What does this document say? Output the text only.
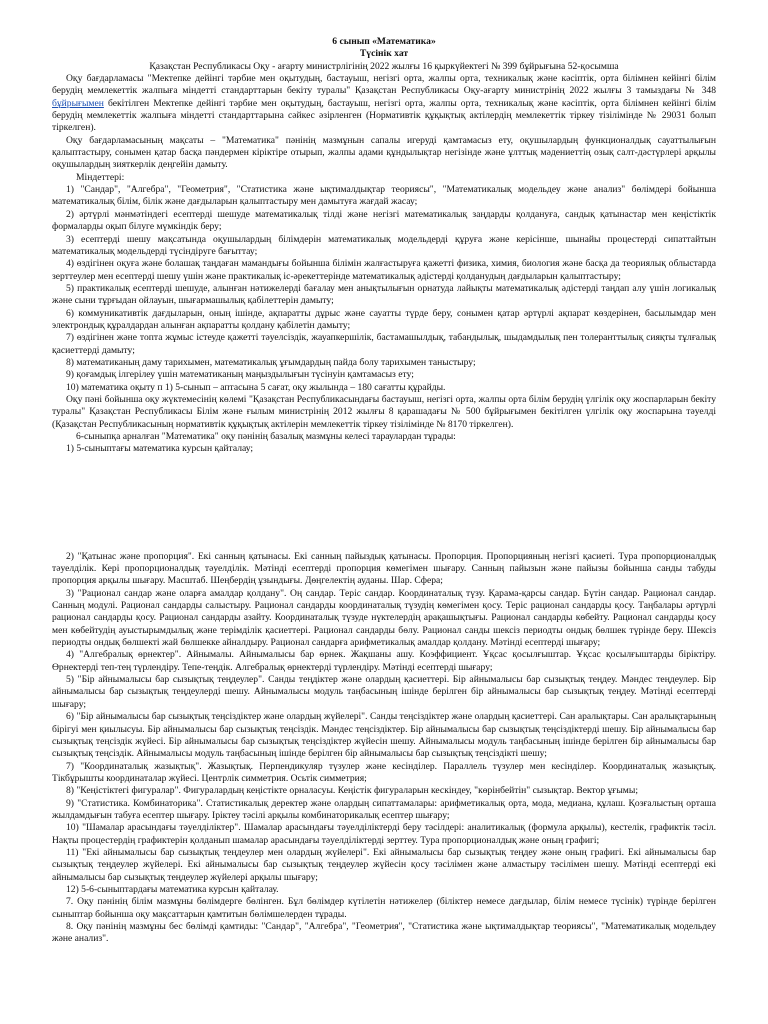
6 сынып «Математика»

Түсінік хат

Қазақстан Республикасы Оқу - ағарту министрлігінің 2022 жылғы 16 қыркүйектегі № 399 бұйрығына 52-қосымша

Оқу бағдарламасы "Мектепке дейінгі тәрбие мен оқытудың, бастауыш, негізгі орта, жалпы орта, техникалық және кәсіптік, орта білімнен кейінгі білім берудің мемлекеттік жалпыға міндетті стандарттарын бекіту туралы" Қазақстан Республикасы Оқу-ағарту министрінің 2022 жылғы 3 тамыздағы № 348 бұйрығымен бекітілген Мектепке дейінгі тәрбие мен оқытудың, бастауыш, негізгі орта, жалпы орта, техникалық және кәсіптік, орта білімнен кейінгі білім берудің мемлекеттік жалпыға міндетті стандарттарына сәйкес әзірленген (Нормативтік құқықтық актілердің мемлекеттік тіркеу тізілімінде № 29031 болып тіркелген).

Оқу бағдарламасының мақсаты – "Математика" пәнінің мазмұнын сапалы игеруді қамтамасыз ету, оқушылардың функционалдық сауаттылығын қалыптастыру, сонымен қатар басқа пәндермен кіріктіре отырып, жалпы адами құндылықтар негізінде және ұлттық мәдениеттің озық салт-дәстүрлері арқылы оқушылардың зияткерлік деңгейін дамыту.

Міндеттері:

1) "Сандар", "Алгебра", "Геометрия", "Статистика және ықтималдықтар теориясы", "Математикалық модельдеу және анализ" бөлімдері бойынша математикалық білім, білік және дағдыларын қалыптастыру мен дамытуға жағдай жасау;

2) әртүрлі мәнмәтіндегі есептерді шешуде математикалық тілді және негізгі математикалық заңдарды қолдануға, сандық қатынастар мен кеңістіктік формаларды оқып білуге мүмкіндік беру;

3) есептерді шешу мақсатында оқушылардың білімдерін математикалық модельдерді құруға және керісінше, шынайы процестерді сипаттайтын математикалық модельдерді түсіндіруге бағыттау;

4) өздігінен оқуға және болашақ таңдаған мамандығы бойынша білімін жалғастыруға қажетті физика, химия, биология және басқа да теориялық облыстарда зерттеулер мен есептерді шешу үшін және практикалық іс-әрекеттерінде математикалық әдістерді қолданудың дағдыларын қалыптастыру;

5) практикалық есептерді шешуде, алынған нәтижелерді бағалау мен анықтылығын орнатуда лайықты математикалық әдістерді таңдап алу үшін логикалық және сыни тұрғыдан ойлауын, шығармашылық қабілеттерін дамыту;

6) коммуникативтік дағдыларын, оның ішінде, ақпаратты дұрыс және сауатты түрде беру, сонымен қатар әртүрлі ақпарат көздерінен, басылымдар мен электрондық құралдардан алынған ақпаратты қолдану қабілетін дамыту;

7) өздігінен және топта жұмыс істеуде қажетті тәуелсіздік, жауапкершілік, бастамашылдық, табандылық, шыдамдылық пен толеранттылық сияқты тұлғалық қасиеттерді дамыту;

8) математиканың даму тарихымен, математикалық ұғымдардың пайда болу тарихымен таныстыру;

9) қоғамдық ілгерілеу үшін математиканың маңыздылығын түсінуін қамтамасыз ету;

10) математика оқыту п 1) 5-сынып – аптасына 5 сағат, оқу жылында – 180 сағатты құрайды.

Оқу пәні бойынша оқу жүктемесінің көлемі "Қазақстан Республикасындағы бастауыш, негізгі орта, жалпы орта білім берудің үлгілік оқу жоспарларын бекіту туралы" Қазақстан Республикасы Білім және ғылым министрінің 2012 жылғы 8 қарашадағы № 500 бұйрығымен бекітілген үлгілік оқу жоспарына тәуелді (Қазақстан Республикасының нормативтік құқықтық актілерін мемлекеттік тіркеу тізілімінде № 8170 тіркелген).

6-сыныпқа арналған "Математика" оқу пәнінің базалық мазмұны келесі тараулардан тұрады:

1) 5-сыныптағы математика курсын қайталау;

2) "Қатынас және пропорция". Екі санның қатынасы. Екі санның пайыздық қатынасы. Пропорция. Пропорцияның негізгі қасиеті. Тура пропорционалдық тәуелділік. Кері пропорционалдық тәуелділік. Мәтінді есептерді пропорция көмегімен шығару. Санның пайызын және пайызы бойынша санды табуды пропорция арқылы шығару. Масштаб. Шеңбердің ұзындығы. Дөңгелектің ауданы. Шар. Сфера;

3) "Рационал сандар және оларға амалдар қолдану". Оң сандар. Теріс сандар. Координаталық түзу. Қарама-қарсы сандар. Бүтін сандар. Рационал сандар. Санның модулі. Рационал сандарды салыстыру. Рационал сандарды координаталық түзудің көмегімен қосу. Теріс рационал сандарды қосу. Таңбалары әртүрлі рационал сандарды қосу. Рационал сандарды азайту. Координаталық түзуде нүктелердің арақашықтығы. Рационал сандарды көбейту. Рационал сандарды қосу мен көбейтудің ауыстырымдылық және терімділік қасиеттері. Рационал сандарды бөлу. Рационал санды шексіз периодты ондық бөлшек түрінде беру. Шексіз периодты ондық бөлшекті жай бөлшекке айналдыру. Рационал сандарға арифметикалық амалдар қолдану. Мәтінді есептерді шығару;

4) "Алгебралық өрнектер". Айнымалы. Айнымалысы бар өрнек. Жақшаны ашу. Коэффициент. Ұқсас қосылғыштар. Ұқсас қосылғыштарды біріктіру. Өрнектерді теп-тең түрлендіру. Тепе-теңдік. Алгебралық өрнектерді түрлендіру. Мәтінді есептерді шығару;

5) "Бір айнымалысы бар сызықтық теңдеулер". Санды теңдіктер және олардың қасиеттері. Бір айнымалысы бар сызықтық теңдеу. Мәндес теңдеулер. Бір айнымалысы бар сызықтық теңдеулерді шешу. Айнымалысы модуль таңбасының ішінде берілген бір айнымалысы бар сызықтық теңдеу. Мәтінді есептерді шығару;

6) "Бір айнымалысы бар сызықтық теңсіздіктер және олардың жүйелері". Санды теңсіздіктер және олардың қасиеттері. Сан аралықтары. Сан аралықтарының бірігуі мен қиылысуы. Бір айнымалысы бар сызықтық теңсіздік. Мәндес теңсіздіктер. Бір айнымалысы бар сызықтық теңсіздіктерді шешу. Бір айнымалысы бар сызықтық теңсіздік жүйесі. Бір айнымалысы бар сызықтық теңсіздіктер жүйесін шешу. Айнымалысы модуль таңбасының ішінде берілген бір айнымалысы бар сызықтық теңсіздік. Айнымалысы модуль таңбасының ішінде берілген бір айнымалысы бар сызықтық теңсіздікті шешу;

7) "Координаталық жазықтық". Жазықтық. Перпендикуляр түзулер және кесінділер. Параллель түзулер мен кесінділер. Координаталық жазықтық. Тікбұрышты координаталар жүйесі. Центрлік симметрия. Осьтік симметрия;

8) "Кеңістіктегі фигуралар". Фигуралардың кеңістікте орналасуы. Кеңістік фигураларын кескіндеу, "көрінбейтін" сызықтар. Вектор ұғымы;

9) "Статистика. Комбинаторика". Статистикалық деректер және олардың сипаттамалары: арифметикалық орта, мода, медиана, құлаш. Қозғалыстың орташа жылдамдығын табуға есептер шығару. Іріктеу тәсілі арқылы комбинаторикалық есептер шығару;

10) "Шамалар арасындағы тәуелділіктер". Шамалар арасындағы тәуелділіктерді беру тәсілдері: аналитикалық (формула арқылы), кестелік, графиктік тәсіл. Нақты процестердің графиктерін қолданып шамалар арасындағы тәуелділіктерді зерттеу. Тура пропорционалдық және оның графигі;

11) "Екі айнымалысы бар сызықтық теңдеулер мен олардың жүйелері". Екі айнымалысы бар сызықтық теңдеу және оның графигі. Екі айнымалысы бар сызықтық теңдеулер жүйелері. Екі айнымалысы бар сызықтық теңдеулер жүйесін қосу тәсілімен және алмастыру тәсілімен шешу. Мәтінді есептерді екі айнымалысы бар сызықтық теңдеулер жүйелері арқылы шығару;

12) 5-6-сыныптардағы математика курсын қайталау.

7. Оқу пәнінің білім мазмұны бөлімдерге бөлінген. Бұл бөлімдер күтілетін нәтижелер (біліктер немесе дағдылар, білім немесе түсінік) түрінде берілген сыныптар бойынша оқу мақсаттарын қамтитын бөлімшелерден тұрады.

8. Оқу пәнінің мазмұны бес бөлімді қамтиды: "Сандар", "Алгебра", "Геометрия", "Статистика және ықтималдықтар теориясы", "Математикалық модельдеу және анализ".
